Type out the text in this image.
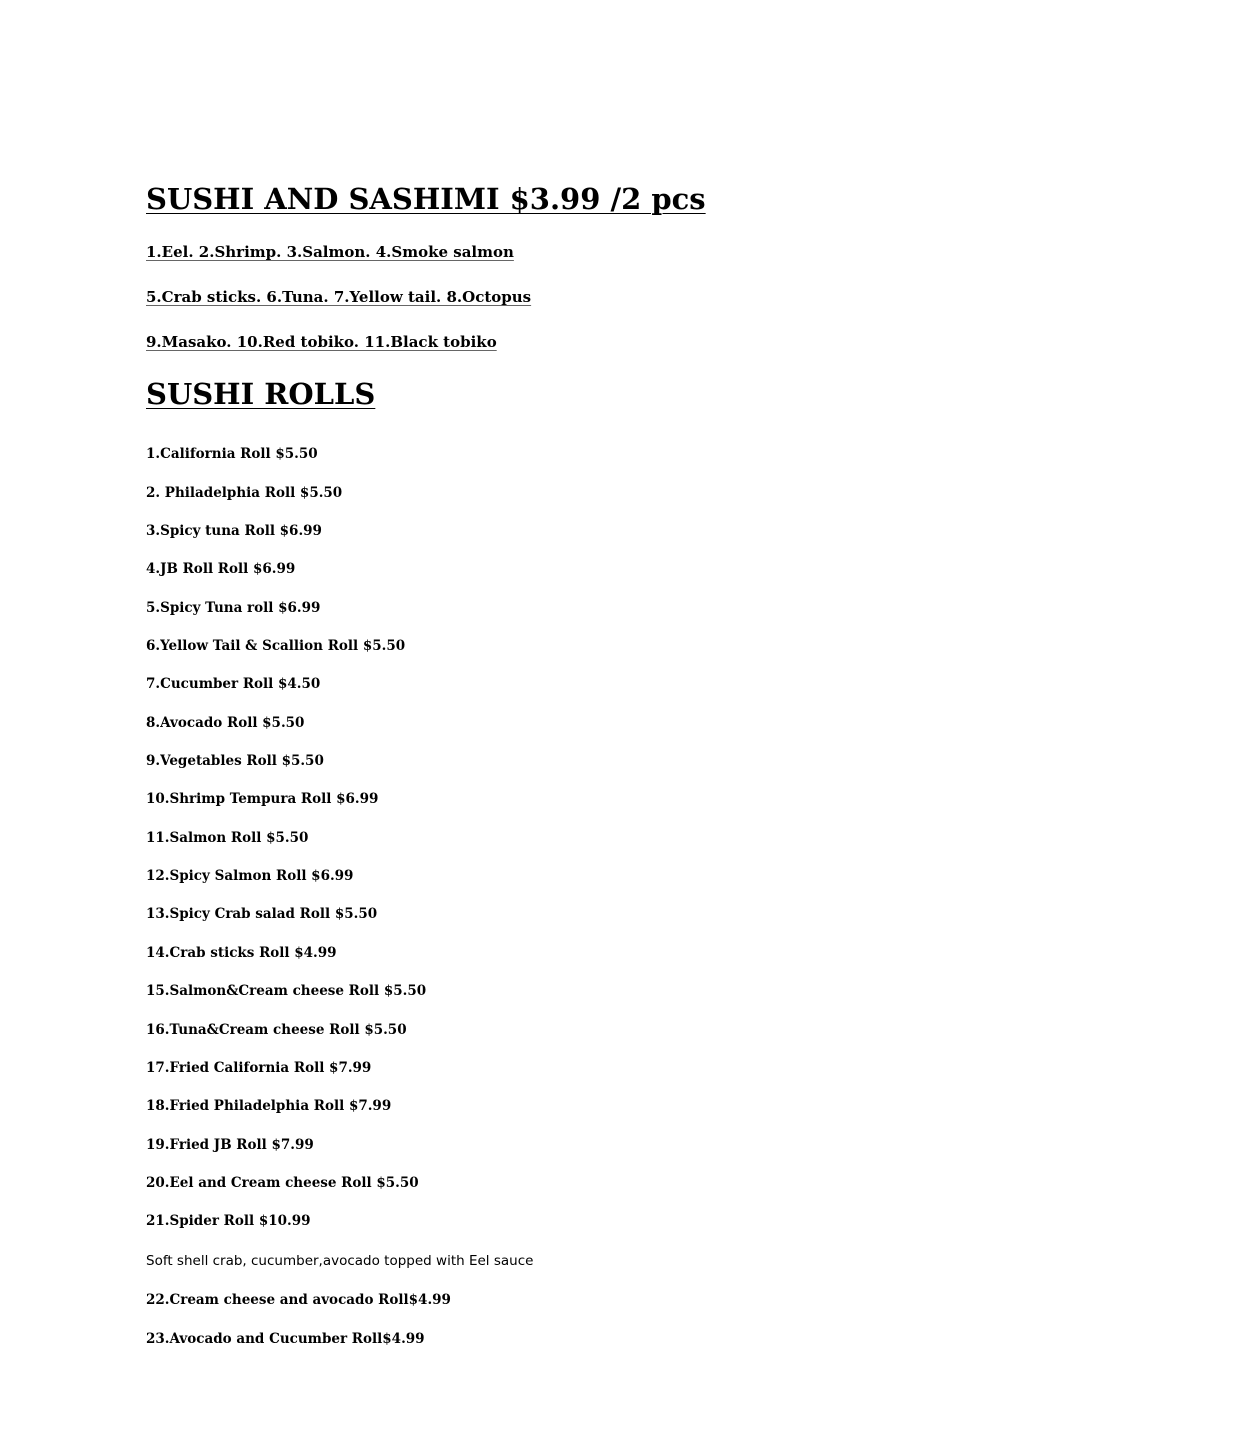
SUSHI AND SASHIMI $3.99 /2 pcs

1.Eel. 2.Shrimp. 3.Salmon. 4.Smoke salmon

5.Crab sticks. 6.Tuna. 7.Yellow tail. 8.Octopus

9.Masako. 10.Red tobiko. 11.Black tobiko

SUSHI ROLLS

1.California Roll $5.50

2. Philadelphia Roll $5.50

3.Spicy tuna Roll $6.99

4.JB Roll Roll $6.99

5.Spicy Tuna roll $6.99

6.Yellow Tail & Scallion Roll $5.50

7.Cucumber Roll $4.50

8.Avocado Roll $5.50

9.Vegetables Roll $5.50

10.Shrimp Tempura Roll $6.99

11.Salmon Roll $5.50

12.Spicy Salmon Roll $6.99

13.Spicy Crab salad Roll $5.50

14.Crab sticks Roll $4.99

15.Salmon&Cream cheese Roll $5.50

16.Tuna&Cream cheese Roll $5.50

17.Fried California Roll $7.99

18.Fried Philadelphia Roll $7.99

19.Fried JB Roll $7.99

20.Eel and Cream cheese Roll $5.50

21.Spider Roll $10.99

Soft shell crab, cucumber,avocado topped with Eel sauce

22.Cream cheese and avocado Roll$4.99

23.Avocado and Cucumber Roll$4.99
